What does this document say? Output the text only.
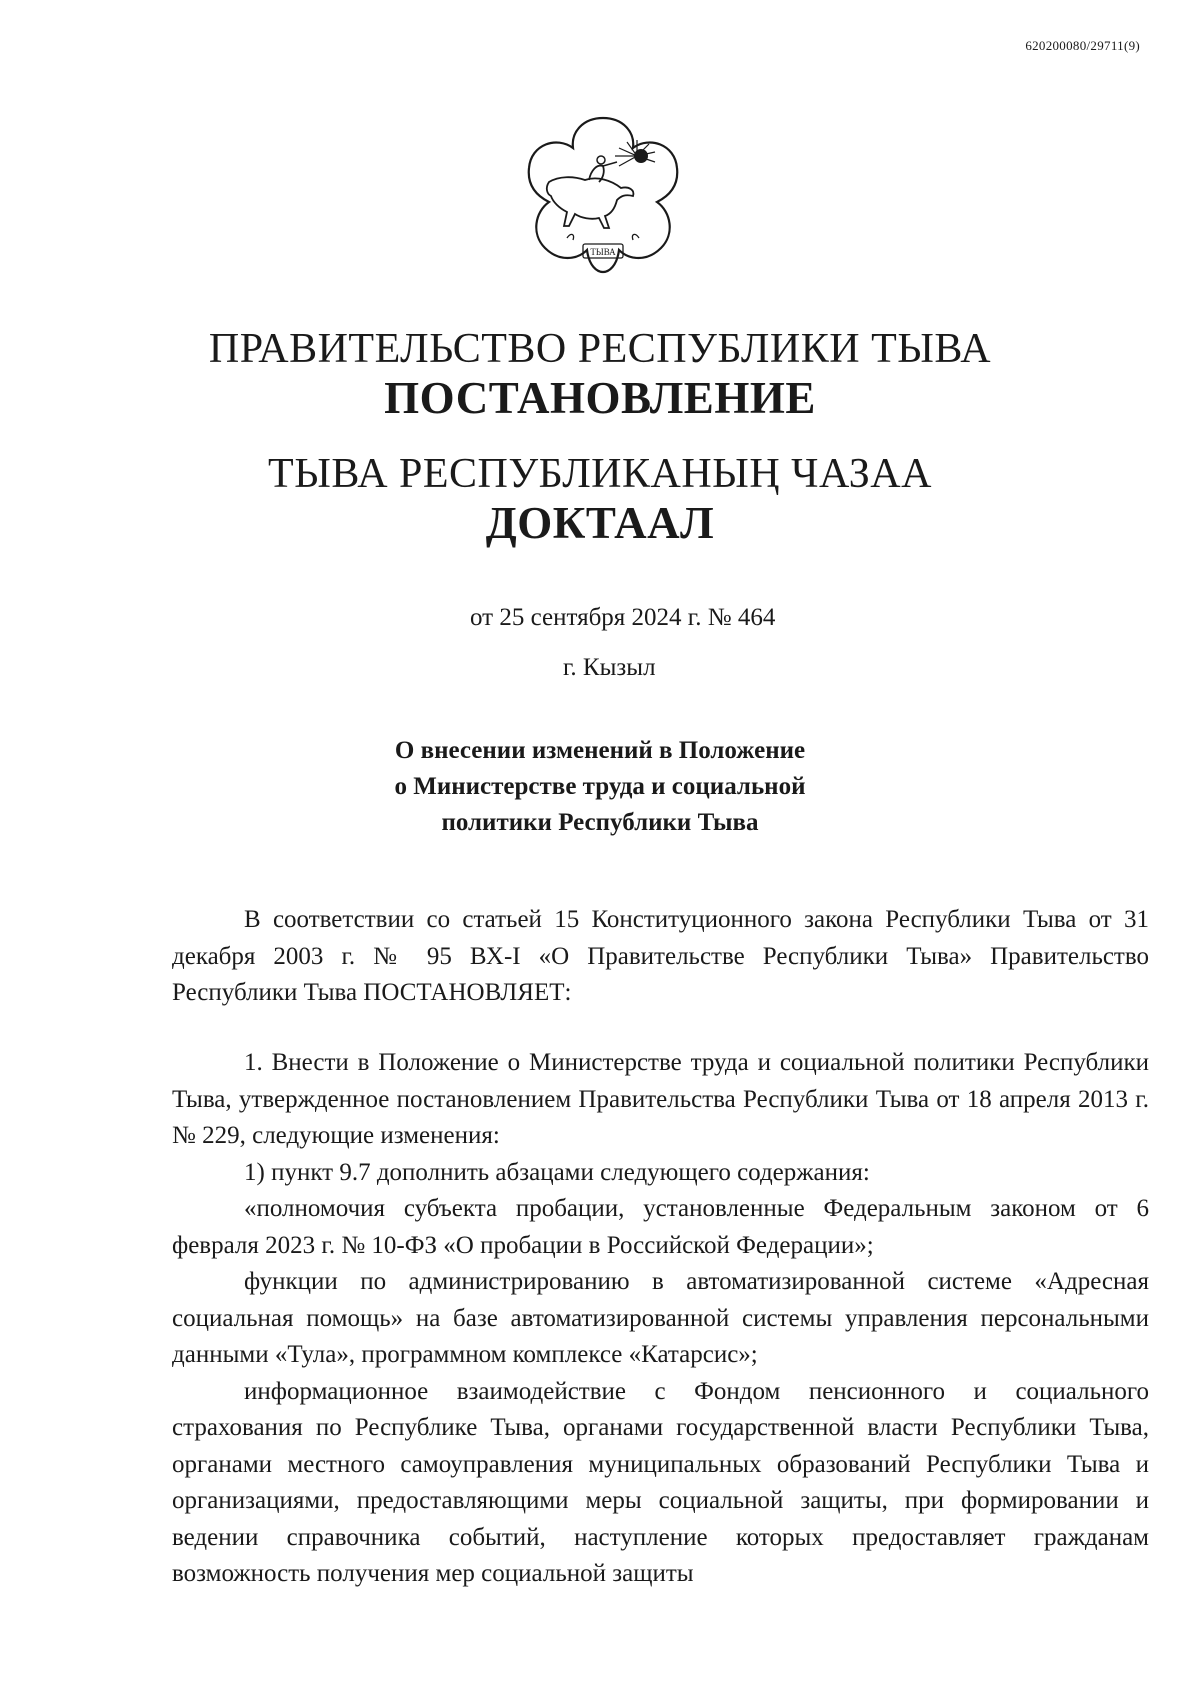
620200080/29711(9)
ТЫВА
ПРАВИТЕЛЬСТВО РЕСПУБЛИКИ ТЫВА
ПОСТАНОВЛЕНИЕ
ТЫВА РЕСПУБЛИКАНЫҢ ЧАЗАА
ДОКТААЛ
от 25 сентября 2024 г. № 464
г. Кызыл
О внесении изменений в Положение
о Министерстве труда и социальной
политики Республики Тыва

В соответствии со статьей 15 Конституционного закона Республики Тыва от 31 декабря 2003 г. № 95 ВХ-I «О Правительстве Республики Тыва» Правительство Республики Тыва ПОСТАНОВЛЯЕТ:

1. Внести в Положение о Министерстве труда и социальной политики Республики Тыва, утвержденное постановлением Правительства Республики Тыва от 18 апреля 2013 г. № 229, следующие изменения:

1) пункт 9.7 дополнить абзацами следующего содержания:

«полномочия субъекта пробации, установленные Федеральным законом от 6 февраля 2023 г. № 10-ФЗ «О пробации в Российской Федерации»;

функции по администрированию в автоматизированной системе «Адресная социальная помощь» на базе автоматизированной системы управления персональными данными «Тула», программном комплексе «Катарсис»;

информационное взаимодействие с Фондом пенсионного и социального страхования по Республике Тыва, органами государственной власти Республики Тыва, органами местного самоуправления муниципальных образований Республики Тыва и организациями, предоставляющими меры социальной защиты, при формировании и ведении справочника событий, наступление которых предоставляет гражданам возможность получения мер социальной защиты
